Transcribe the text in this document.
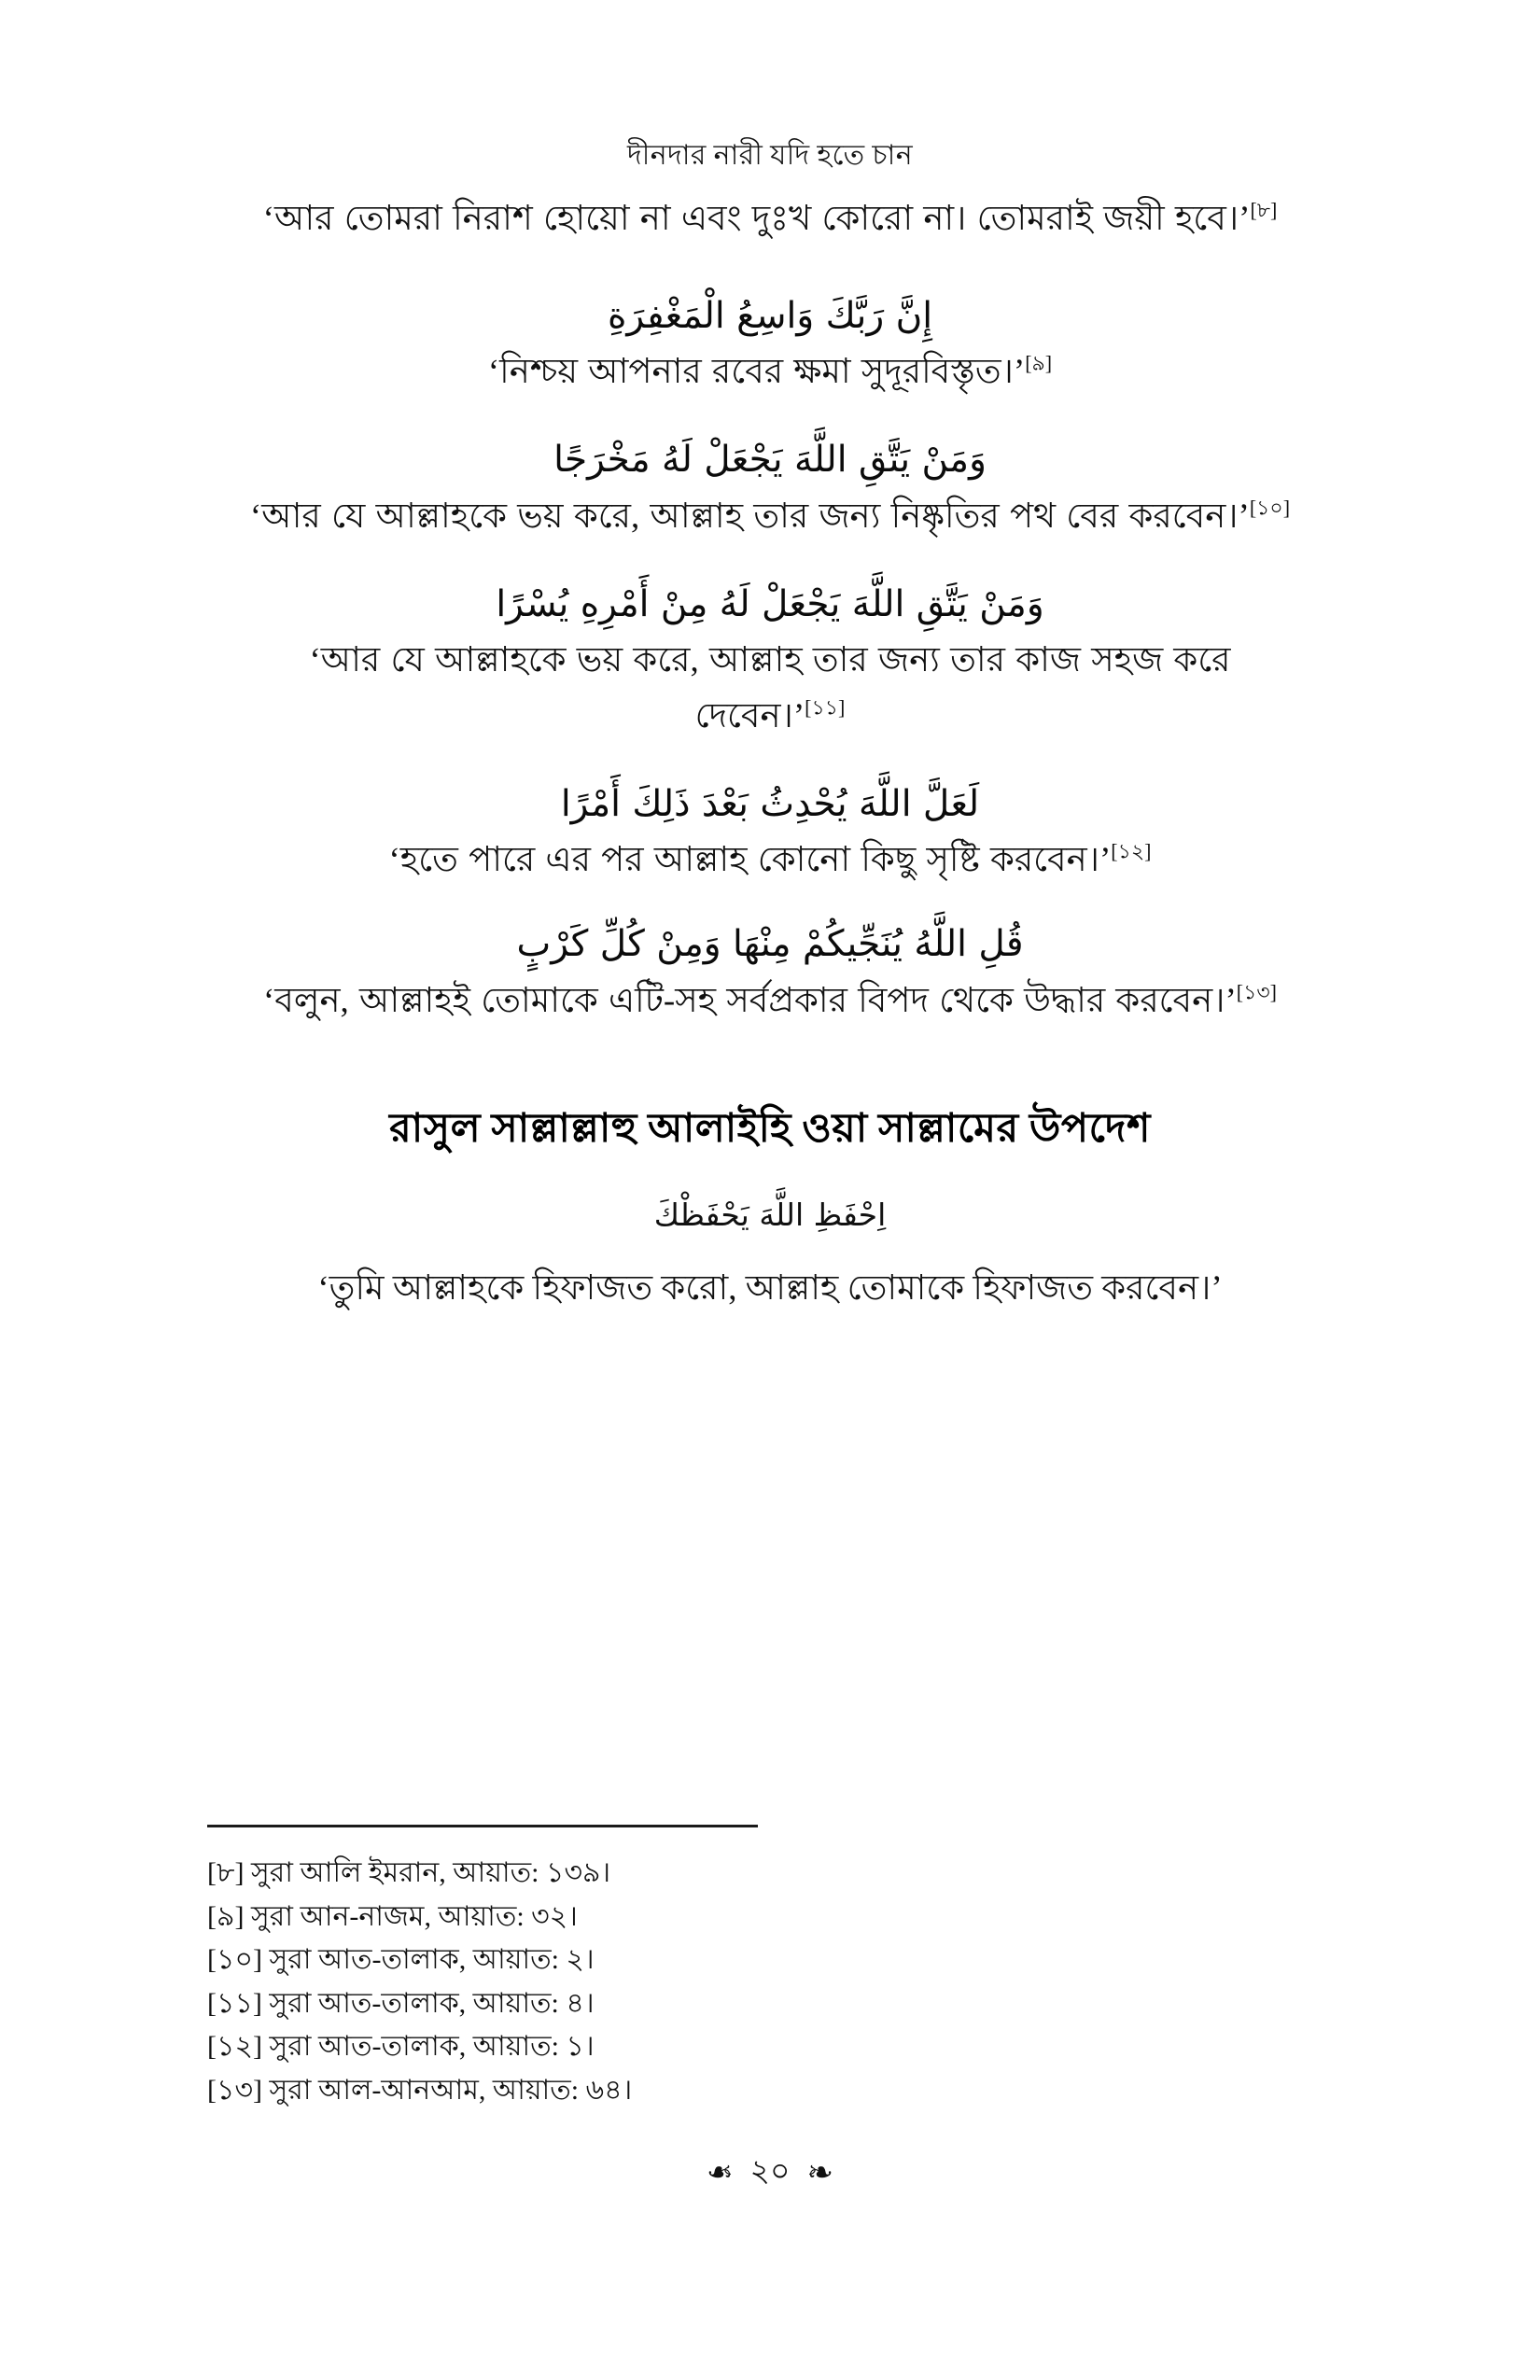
দীনদার নারী যদি হতে চান

‘আর তোমরা নিরাশ হোয়ো না এবং দুঃখ কোরো না। তোমরাই জয়ী হবে।’[৮]

إِنَّ رَبَّكَ وَاسِعُ الْمَغْفِرَةِ

‘নিশ্চয় আপনার রবের ক্ষমা সুদূরবিস্তৃত।’[৯]

وَمَنْ يَتَّقِ اللَّهَ يَجْعَلْ لَهُ مَخْرَجًا

‘আর যে আল্লাহকে ভয় করে, আল্লাহ তার জন্য নিষ্কৃতির পথ বের করবেন।’[১০]

وَمَنْ يَتَّقِ اللَّهَ يَجْعَلْ لَهُ مِنْ أَمْرِهِ يُسْرًا

‘আর যে আল্লাহকে ভয় করে, আল্লাহ তার জন্য তার কাজ সহজ করে দেবেন।’[১১]

لَعَلَّ اللَّهَ يُحْدِثُ بَعْدَ ذَلِكَ أَمْرًا

‘হতে পারে এর পর আল্লাহ কোনো কিছু সৃষ্টি করবেন।’[১২]

قُلِ اللَّهُ يُنَجِّيكُمْ مِنْهَا وَمِنْ كُلِّ كَرْبٍ

‘বলুন, আল্লাহই তোমাকে এটি-সহ সর্বপ্রকার বিপদ থেকে উদ্ধার করবেন।’[১৩]

রাসুল সাল্লাল্লাহু আলাইহি ওয়া সাল্লামের উপদেশ

اِحْفَظِ اللَّهَ يَحْفَظْكَ

‘তুমি আল্লাহকে হিফাজত করো, আল্লাহ তোমাকে হিফাজত করবেন।’

[৮] সুরা আলি ইমরান, আয়াত: ১৩৯।
[৯] সুরা আন-নাজম, আয়াত: ৩২।
[১০] সুরা আত-তালাক, আয়াত: ২।
[১১] সুরা আত-তালাক, আয়াত: ৪।
[১২] সুরা আত-তালাক, আয়াত: ১।
[১৩] সুরা আল-আনআম, আয়াত: ৬৪।
❧ ২০ ❧
